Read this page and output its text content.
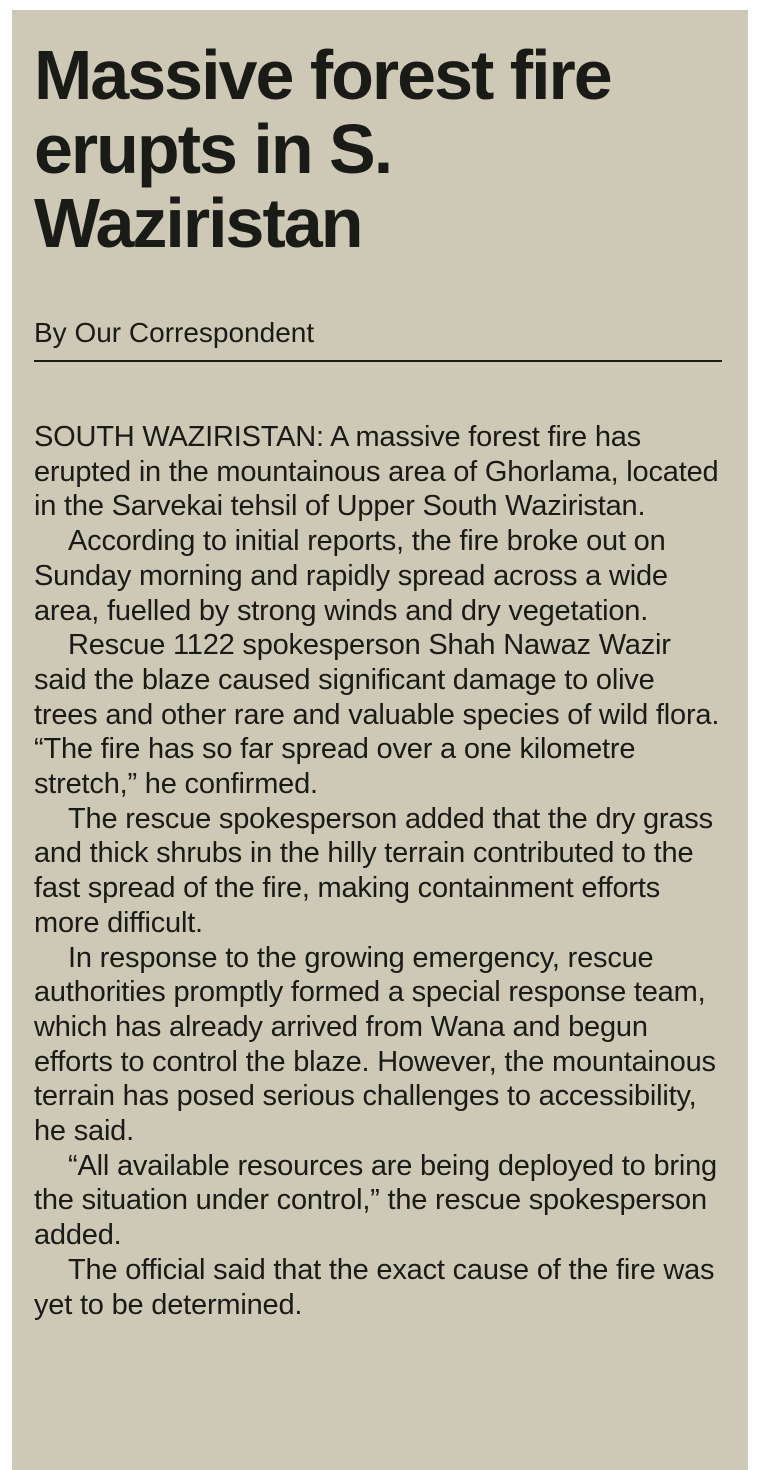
Massive forest fire erupts in S. Waziristan
By Our Correspondent

SOUTH WAZIRISTAN: A massive forest fire has erupted in the mountainous area of Ghorlama, located in the Sarvekai tehsil of Upper South Waziristan.

According to initial reports, the fire broke out on Sunday morning and rapidly spread across a wide area, fuelled by strong winds and dry vegetation.

Rescue 1122 spokesperson Shah Nawaz Wazir said the blaze caused significant damage to olive trees and other rare and valuable species of wild flora. “The fire has so far spread over a one kilometre stretch,” he confirmed.

The rescue spokesperson added that the dry grass and thick shrubs in the hilly terrain contributed to the fast spread of the fire, making containment efforts more difficult.

In response to the growing emergency, rescue authorities promptly formed a special response team, which has already arrived from Wana and begun efforts to control the blaze. However, the mountainous terrain has posed serious challenges to accessibility, he said.

“All available resources are being deployed to bring the situation under control,” the rescue spokesperson added.

The official said that the exact cause of the fire was yet to be determined.
